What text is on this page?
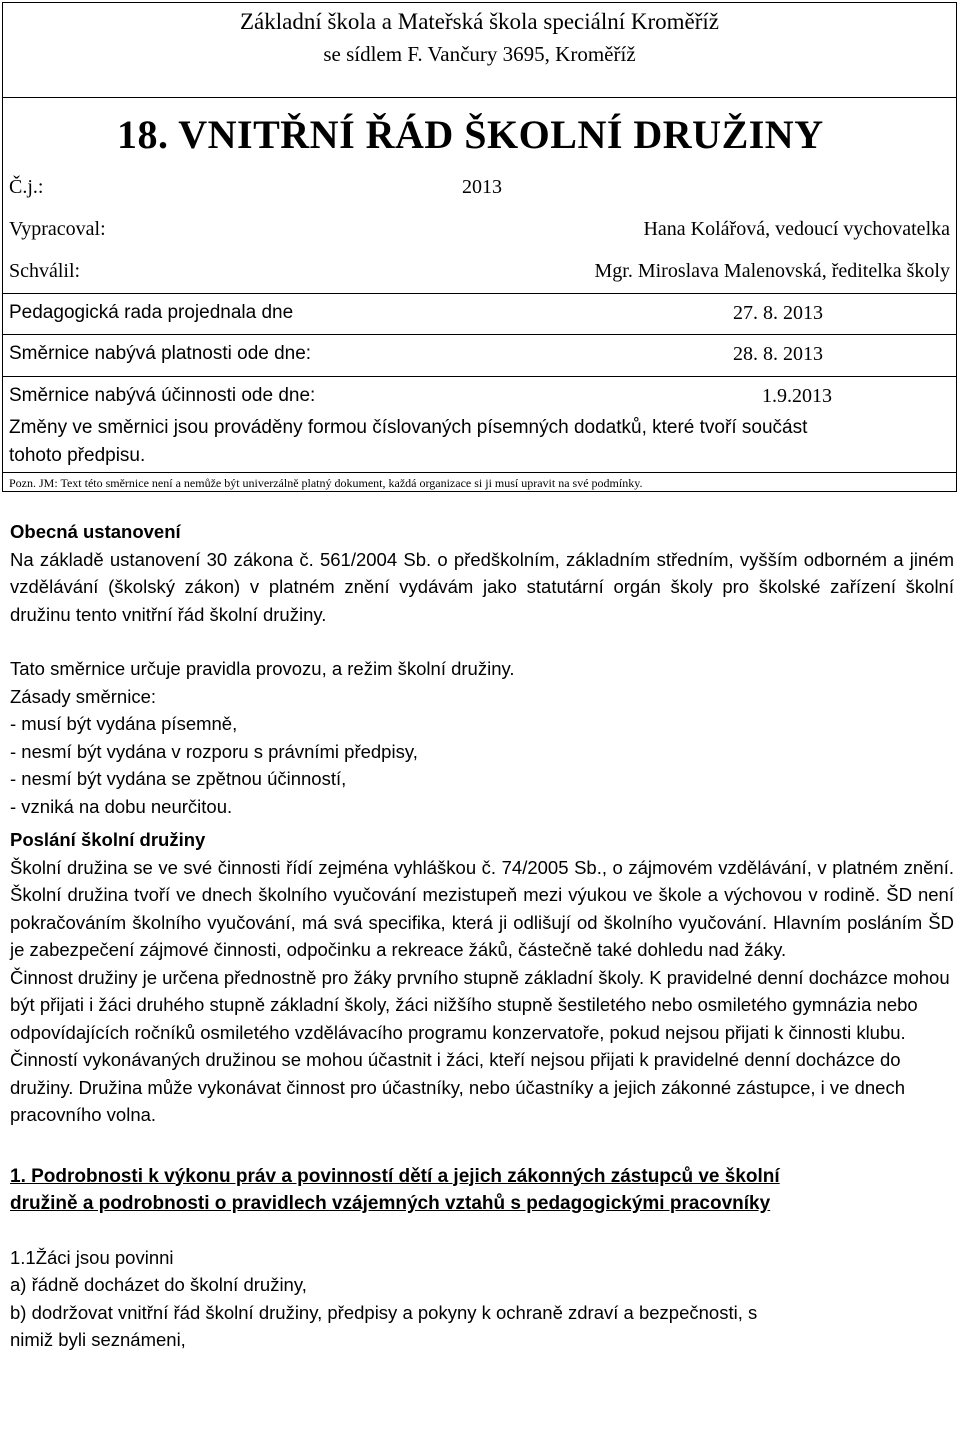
Základní škola a Mateřská škola speciální Kroměříž
se sídlem F. Vančury 3695, Kroměříž
18. VNITŘNÍ ŘÁD ŠKOLNÍ DRUŽINY
Č.j.:	2013
Vypracoval:	Hana Kolářová, vedoucí vychovatelka
Schválil:	Mgr. Miroslava Malenovská, ředitelka školy
Pedagogická rada projednala dne	27. 8. 2013
Směrnice nabývá platnosti ode dne:	28. 8. 2013
Směrnice nabývá účinnosti ode dne:	1.9.2013
Změny ve směrnici jsou prováděny formou číslovaných písemných dodatků, které tvoří součást
tohoto předpisu.
Pozn. JM: Text této směrnice není a nemůže být univerzálně platný dokument, každá organizace si ji musí upravit na své podmínky.

Obecná ustanovení

Na základě ustanovení 30 zákona č. 561/2004 Sb. o předškolním, základním středním, vyšším odborném a jiném vzdělávání (školský zákon) v platném znění vydávám jako statutární orgán školy pro školské zařízení školní družinu tento vnitřní řád školní družiny.

Tato směrnice určuje pravidla provozu, a režim školní družiny.

Zásady směrnice:

- musí být vydána písemně,

- nesmí být vydána v rozporu s právními předpisy,

- nesmí být vydána se zpětnou účinností,

- vzniká na dobu neurčitou.

Poslání školní družiny

Školní družina se ve své činnosti řídí zejména vyhláškou č. 74/2005 Sb., o zájmovém vzdělávání, v platném znění. Školní družina tvoří ve dnech školního vyučování mezistupeň mezi výukou ve škole a výchovou v rodině. ŠD není pokračováním školního vyučování, má svá specifika, která ji odlišují od školního vyučování. Hlavním posláním ŠD je zabezpečení zájmové činnosti, odpočinku a rekreace žáků, částečně také dohledu nad žáky.

Činnost družiny je určena přednostně pro žáky prvního stupně základní školy. K pravidelné denní docházce mohou být přijati i žáci druhého stupně základní školy, žáci nižšího stupně šestiletého nebo osmiletého gymnázia nebo odpovídajících ročníků osmiletého vzdělávacího programu konzervatoře, pokud nejsou přijati k činnosti klubu. Činností vykonávaných družinou se mohou účastnit i žáci, kteří nejsou přijati k pravidelné denní docházce do družiny. Družina může vykonávat činnost pro účastníky, nebo účastníky a jejich zákonné zástupce, i ve dnech pracovního volna.

1. Podrobnosti k výkonu práv a povinností dětí a jejich zákonných zástupců ve školní

družině a podrobnosti o pravidlech vzájemných vztahů s pedagogickými pracovníky

1.1Žáci jsou povinni

a) řádně docházet do školní družiny,

b) dodržovat vnitřní řád školní družiny, předpisy a pokyny k ochraně zdraví a bezpečnosti, s

nimiž byli seznámeni,
